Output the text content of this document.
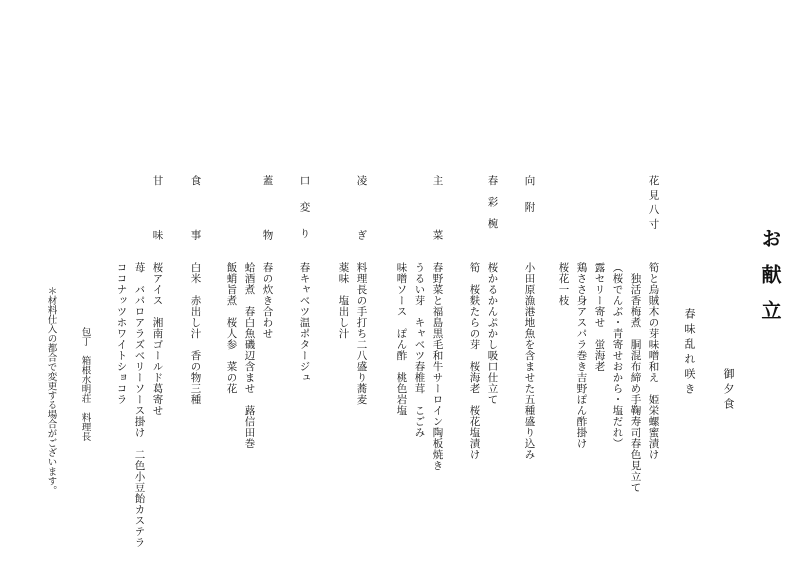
お献立
春味乱れ咲き 御夕食
花見八寸
筍と烏賊木の芽味噌和え　姫栄螺蜜漬け
独活香梅煮　胴混布締め手鞠寿司春色見立て
（桜でんぶ・青寄せおから・塩だれ）
露セリー寄せ　蛍海老
鶏ささ身アスパラ巻き吉野ぽん酢掛け
桜花一枝
向附
小田原漁港地魚を含ませた五種盛り込み
春彩椀
桜かるかんぷかし吸口仕立て
筍　桜麩たらの芽　桜海老　桜花塩漬け
主菜
春野菜と福島黒毛和牛サーロイン陶板焼き
うるい芽　キャベツ春椎茸　こごみ
味噌ソース　ぽん酢　桃色岩塩
凌ぎ
料理長の手打ち二八盛り蕎麦
薬味　塩出し汁
口変り
春キャベツ温ポタージュ
蓋物
春の炊き合わせ
蛤酒煮　春白魚磯辺含ませ　蕗信田巻
飯蛸旨煮　桜人参　菜の花
食事
白米　赤出し汁　香の物三種
甘味
桜アイス　湘南ゴールド葛寄せ
苺　バパロアラズベリーソース掛け　二色小豆飴カステラ
ココナッツホワイトショコラ
包丁　箱根水明荘　料理長
＊材料仕入の都合で変更する場合がございます。
